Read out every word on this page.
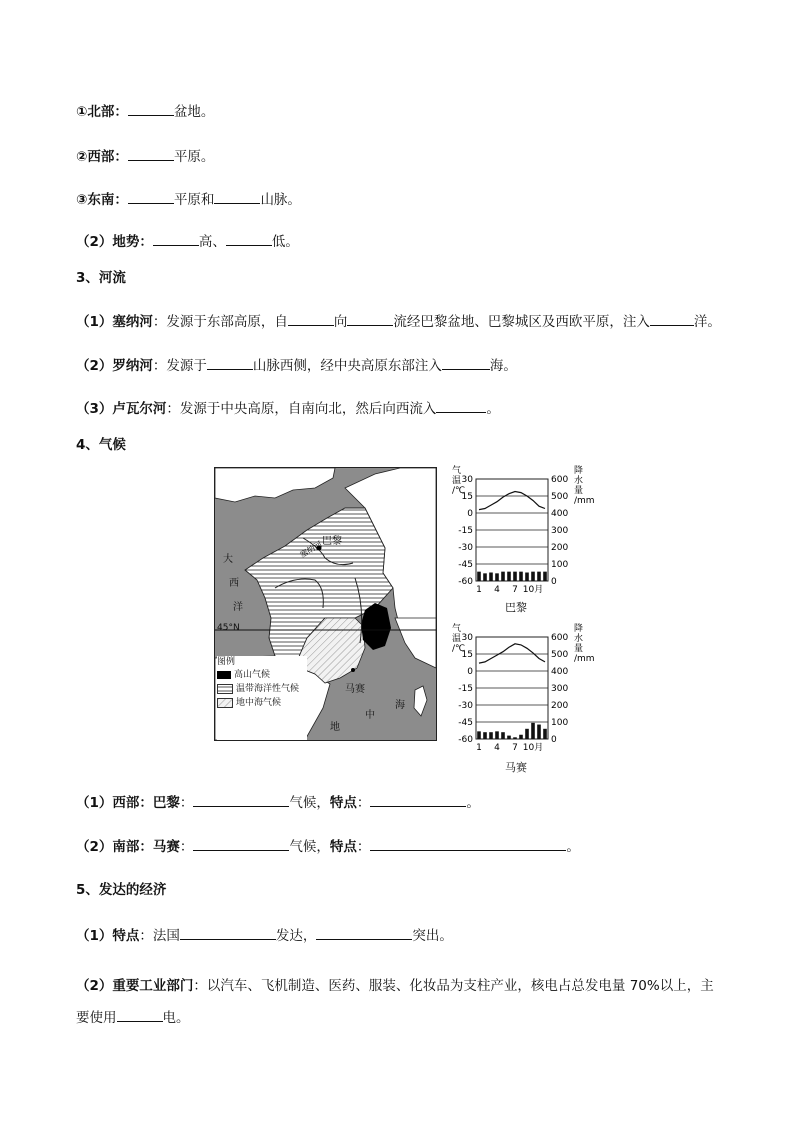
①北部：	盆地。
②西部：	平原。
③东南：	平原和	山脉。
（2）地势：	高、	低。
3、河流
（1）塞纳河：发源于东部高原，自	向	流经巴黎盆地、巴黎城区及西欧平原，注入	洋。
（2）罗纳河：发源于	山脉西侧，经中央高原东部注入	海。
（3）卢瓦尔河：发源于中央高原，自南向北，然后向西流入	。
4、气候
巴黎
塞纳河
大
西
洋
45°N
马赛
地
中
海
图例
高山气候
温带海洋性气候
地中海气候
30
15
0
-15
-30
-45
-60
600
500
400
300
200
100
0
1 4 7 10月
气
温
/℃
降
水
量
/mm
巴黎
30
15
0
-15
-30
-45
-60
600
500
400
300
200
100
0
1 4 7 10月
气
温
/℃
降
水
量
/mm
马赛
（1）西部：巴黎：	气候，特点：	。
（2）南部：马赛：	气候，特点：	。
5、发达的经济
（1）特点：法国	发达，	突出。
（2）重要工业部门：以汽车、飞机制造、医药、服装、化妆品为支柱产业，核电占总发电量 70%以上，主要使用	电。
